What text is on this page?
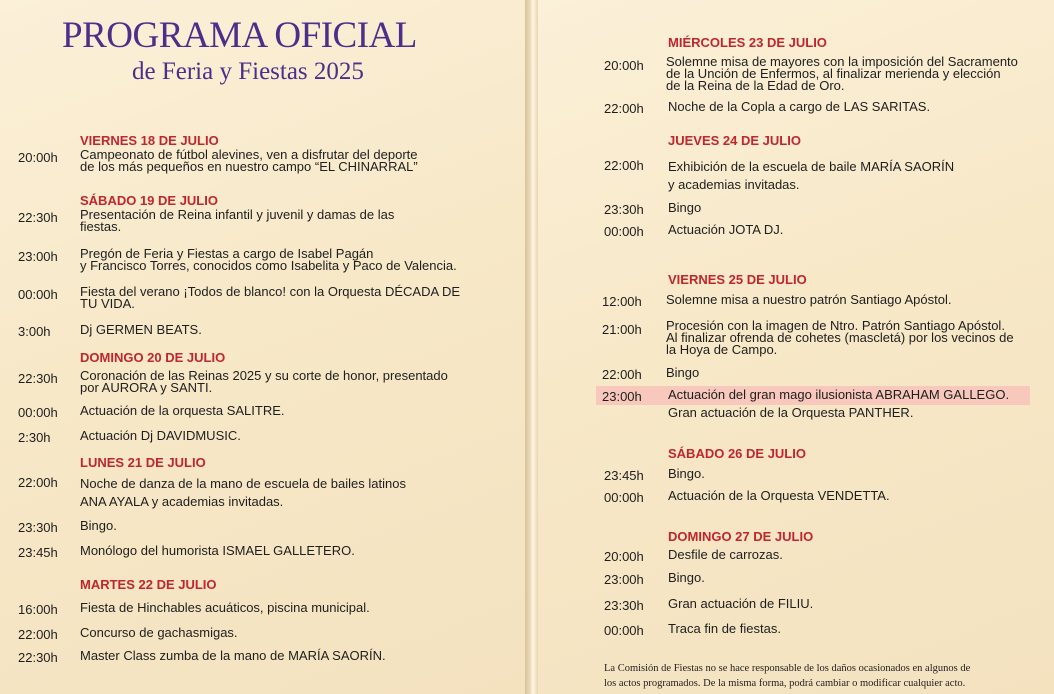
PROGRAMA OFICIAL
de Feria y Fiestas 2025
VIERNES 18 DE JULIO
20:00h Campeonato de fútbol alevines, ven a disfrutar del deporte
de los más pequeños en nuestro campo “EL CHINARRAL”
SÁBADO 19 DE JULIO
22:30h Presentación de Reina infantil y juvenil y damas de las
fiestas.
23:00h Pregón de Feria y Fiestas a cargo de Isabel Pagán
y Francisco Torres, conocidos como Isabelita y Paco de Valencia.
00:00h Fiesta del verano ¡Todos de blanco! con la Orquesta DÉCADA DE
TU VIDA.
3:00h Dj GERMEN BEATS.
DOMINGO 20 DE JULIO
22:30h Coronación de las Reinas 2025 y su corte de honor, presentado
por AURORA y SANTI.
00:00h Actuación de la orquesta SALITRE.
2:30h Actuación Dj DAVIDMUSIC.
LUNES 21 DE JULIO
22:00h Noche de danza de la mano de escuela de bailes latinos
ANA AYALA y academias invitadas.
23:30h Bingo.
23:45h Monólogo del humorista ISMAEL GALLETERO.
MARTES 22 DE JULIO
16:00h Fiesta de Hinchables acuáticos, piscina municipal.
22:00h Concurso de gachasmigas.
22:30h Master Class zumba de la mano de MARÍA SAORÍN.
MIÉRCOLES 23 DE JULIO
20:00h Solemne misa de mayores con la imposición del Sacramento
de la Unción de Enfermos, al finalizar merienda y elección
de la Reina de la Edad de Oro.
22:00h Noche de la Copla a cargo de LAS SARITAS.
JUEVES 24 DE JULIO
22:00h Exhibición de la escuela de baile MARÍA SAORÍN
y academias invitadas.
23:30h Bingo
00:00h Actuación JOTA DJ.
VIERNES 25 DE JULIO
12:00h Solemne misa a nuestro patrón Santiago Apóstol.
21:00h Procesión con la imagen de Ntro. Patrón Santiago Apóstol.
Al finalizar ofrenda de cohetes (mascletá) por los vecinos de
la Hoya de Campo.
22:00h Bingo
23:00h Actuación del gran mago ilusionista ABRAHAM GALLEGO.
Gran actuación de la Orquesta PANTHER.
SÁBADO 26 DE JULIO
23:45h Bingo.
00:00h Actuación de la Orquesta VENDETTA.
DOMINGO 27 DE JULIO
20:00h Desfile de carrozas.
23:00h Bingo.
23:30h Gran actuación de FILIU.
00:00h Traca fin de fiestas.
La Comisión de Fiestas no se hace responsable de los daños ocasionados en algunos de
los actos programados. De la misma forma, podrá cambiar o modificar cualquier acto.
